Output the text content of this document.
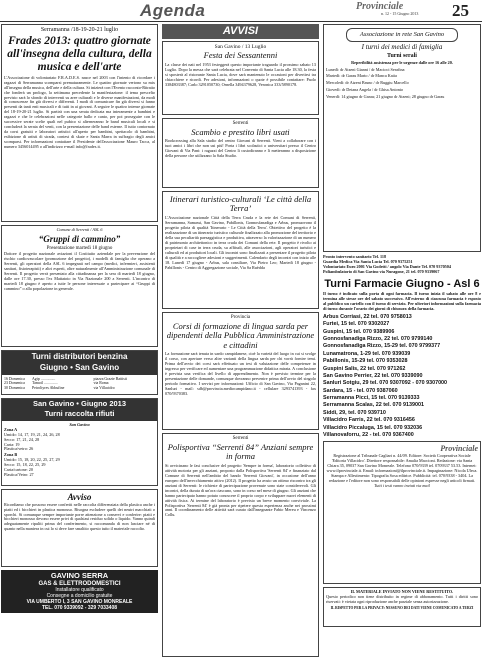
Agenda	Provinciale
n. 12 - 15 Giugno 2013 25
Serramanna /18-19-20-21 luglio
Frades 2013: quattro giornate all'insegna della cultura, della musica e dell'arte

L'Associazione di volontariato F.R.A.D.E.S. nasce nel 2003 con l'intento di ricordare i ragazzi di Serramanna scomparsi prematuramente. Le quattro giornate vertono su mix all'insegna della musica, dell'arte e della cultura. Si inizierà con l'Evento racconto-Ritratto che fonderà un prologo, la settimana precedente la manifestazione: il tema prescelto previsto sarà lo sfondo di interventi su aree culturali e le diverse manifestazioni, da modi di conoscenze fin già diversi e differenti. I modi di comunicare fin già diversi si fanno presenti da tanti enti musicali e di tutti in ai giovani. A seguire le quattro intense giornate del 18-19-20-21 luglio. Si partirà con una serata dedicata ma interamente a bambini e ragazzi e che le celebrazioni nelle categorie ballo e canto, per poi proseguire con le successive serate scelte quali nel pubico si alterneranno le band musicali locali e si concluderà la serata del venti, con la presentazione delle band esterne. Il tutto contornato da corsi gratuiti e laboratori artistici all'aperto per bambini, spettacolo di bambini, esibizione di artisti di strada, contest di skate e Santa Marra in suffragio degli amici scomparsi. Per informazioni contattare il Presidente dell'associazione Mauro Tacca, al numero 3456014495 o all'indirizzo e-mail info@frades.it.

Comune di Serrenti / ASL 6
“Gruppi di cammino”
Presentazione martedì 18 giugno

Dottore il progetto nazionale aviazioni il Costituito aziendale per la prevenzione del rischio cardiovascolare (promozione del progetto), i modelli di famiglia che operano a Serrenti, gli operatori della ASL 6 impegnati nel campo (medici, infermieri, assistenti sanitari, fisioterapisti) e altri esperti, oltre naturalmente all'Amministrazione comunale di Serrenti. Il progetto verrà presentato alla cittadinanza per la sera di martedì 18 giugno, dalle ore 17.30, presso l'ex Mattatoio in Via Nazionale 200 a Serrenti. L'incontro di martedì 18 giugno è aperto a tutte le persone interessate a partecipare ai “Gruppi di cammino” o alla popolazione in generale.

Turni distributori benzina
Giugno • San Gavino
16 Domenica	Agip ...............	piazza Grazie Battisti
23 Domenica	Tamoil ..............	via Roma
30 Domenica	Petroltyres Abbufine	via Villacidro
San Gavino • Giugno 2013
Turni raccolta rifiuti
San Gavino
Zona A
Umido: 14, 17, 19, 21, 24, 26, 28
Secco: 17, 21, 24, 28
Carta: 19
Plastica/vetro: 26
Zona B
Umido: 15, 18, 20, 22, 25, 27, 29
Secco: 15, 18, 22, 25, 29
Carta/cartone: 20
Plastica/Vetro: 27
Avviso

Ricordiamo che possono essere conferiti nelle raccolta differenziata della plastica anche i piatti ed i bicchieri in plastica monouso. Bisogna escludere quelli dei neutri macchiati o sporchi. Si comunque sempre importante porre attenzione a conservi e conferire: piatti e bicchieri monouso devono essere privi di qualsiasi residuo solido o liquido. Vanno quindi adeguatamente ripuliti prima del conferimento, si raccomanda di non lasciare né di quanto nella maniera in cui lo si deve fare smaltito questo tutto il materiale raccolto.

GAVINO SERRA
GAS & ELETTRODOMESTICI
Installatore qualificato
Consegne a domicilio gratuite
VIA UMBERTO I, 3 SAN GAVINO MONREALE
TEL. 070 9339092 - 329 7033408
AVVISI
San Gavino / 13 Luglio
Festa dei Sessantenni

La classe dei nati nel 1953 festeggerà questo importante traguardo il prossimo sabato 13 Luglio. Dopo la messa che sarà celebrata nel Convento di Santa Lucia alle 18.30, la festa si sposterà al ristorante Santa Lucia, dove sarà mantenuto le occasioni per divertirsi tra chiacchiere e ricordi. Per adesioni, informazioni o quote è possibile contattare: Paolo 3384803387; Carlo 3291050730; Ornella 3494379628, Veronica 333/5890178.

Serrenti
Scambio e prestito libri usati

Bookcrossing alla Sala studio del centro Giovani di Serrenti. Vieni a collaborare con i tuoi amici i libri che non usi più! Porta i libri scolastici o universitari presso il Centro Giovani di Via Pani: i ragazzi del Centro li custodiranno e li metteranno a disposizione della persone che utilizzano la Sala Studio.

Itinerari turistico-culturali ‘Le città della Terra’

L'Associazione nazionale Città della Terra Cruda e la rete dei Comuni di Serrenti, Serramanna, Samassi, San Gavino, Pabillonis, Gonnosfanadiga e Arbus, promuovono il progetto pilota di qualità 'Itinerario - Le Città della Terra'. Obiettivo del progetto è la realizzazione di un itinerario turistico culturale finalizzato alla promozione del territorio e della sua peculiarità paesaggistica e produttiva, attraverso la valorizzazione di un numero di patrimonio architettonico in terra cruda dei Comuni della rete. Il progetto è rivolto ai proprietari di case in terra cruda, su affitudi, alle associazioni, agli operatori turistici e culturali ed ai produttori locali. Gli incontri sono finalizzati a presentare il progetto pilota di qualità e a raccogliere adesioni e suggerimenti. Calendario degli incontri con inizio alle 18. Lunedì 17 giugno - Arbus, sala consiliare, Via Pietro Leo; Martedì 18 giugno - Pabillonis - Centro di Aggregazione sociale, Via Sa Ruèdda

Provincia
Corsi di formazione di lingua sarda per dipendenti della Pubblica Amministrazione e cittadini

La formazione sarà tenuta in sardo campidanese, cioè la varietà del luogo in cui si svolge il corso, con aperture verso altre varianti della lingua sarda per chi vorrà fornire temi. Prima dell'avvio dei corsi sarà effettuato un test di valutazione delle competenze in ingresso per verificare ed aumentare una programmazione didattica mirata. A conclusione è prevista una verifica del livello di apprendimento. Non è previsto termine per la presentazione delle domande, comunque dovranno pervenire prima dell'avvio del singolo periodo formativo. I servizi per informazioni: Ufficio di San Gavino, Via Paganini 22, Sanluri - mail: sdb@provincia.mediocampidano.it - cellulare 3293741393 - fax 070/9370383.

Serrenti
Polisportiva “Serrenti 84” Anziani sempre in forma

Si avvicinano le fasi conclusive del progetto 'Sempre in forma', laboratorio collettivo di attività motoria per gli anziani, proposto dalla Polisportiva 'Serrenti 84' e finanziato dal Comune di Serrenti nell'ambito del bando 'Serrenti Giovani', in occasione dell'anno europeo dell'invecchiamento attivo (2012). Il progetto ha avuto un ottimo riscontro tra gli anziani di Serrenti: le richieste di partecipazione provenute sono state considerevoli. Gli incontri, della durata di un'ora ciascuno, sono in corso nel mese di giugno. Gli anziani che hanno partecipato hanno potuto conoscere il proprio corpo e sviluppare nuovi elementi di attività fisica. Ai termine del laboratorio è previsto un breve momento conviviale. La Polisportiva 'Serrenti 84' è già pronta per ripetere questa esperienza anche nei prossimi anni. Il coordinamento delle attività sarà curato dall'insegnante Fabio Mereu e Vincenzo Collu.

Associazione in rete San Gavino
I turni dei medici di famiglia
Turni serali
Reperibilità assistenza per le urgenze dalle ore 16 alle 20.
Lunedì: dr Atzeni Gianni / dr Macioci Serafina
Martedì: dr Garau Mario / dr Manca Katia
Mercoledì: dr Atzeni Bruno / dr Ruggiu Marcello
Giovedì: dr Deiana Angela / dr Ghisa Antonio
Venerdì: 14 giugno dr Garau; 21 giugno dr Atzeni; 28 giugno dr Garau
Pronto intervento sanitario Tel. 118
Guardia Medica Via Santa Lucia Tel. 070 9375251
Volontariato Euro 2001 Via Godetti / angolo Via Dante Tel. 070 9370504
Poliambulatorio di San Gavino via Nuragone, 21 tel. 070 9339067
Turni Farmacie Giugno - Asl 6

Il turno è indicato sulla porta di ogni farmacia. Il turno inizia il sabato alle ore 8 e termina alle stesse ore del sabato successivo. All'esterno di ciascuna farmacia è esposto al pubblico un cartello con il turno di servizio. Per ulteriori informazioni sulla farmacia di turno durante l'orario dei giorni di chiusura della farmacia.

Arbus Corriasi, 22 tel. 070 9758013
Furtei, 15 tel. 070 9302027
Guspini, 15 tel. 070 9389906
Gonnosfanadiga Rizzo, 22 tel. 070 9799140
Gonnosfanadiga Rizzo, 15-29 tel. 070 9799377
Lunamatrona, 1-29 tel. 070 939039
Pabillonis, 15-29 tel. 070 9353028
Guspini Salis, 22 tel. 070 971262
San Gavino Perrier, 22 tel. 070 9339090
Sanluri Sotgiu, 29 tel. 070 9307092 - 070 9307000
Sardara, 15 - tel. 070 9387060
Serramanna Picci, 15 tel. 070 9139333
Serramanna Scalas, 22 tel. 070 9139001
Siddi, 29, tel. 070 939710
Villacidro Farris, 22 tel. 070 9316456
Villacidro Piccaluga, 15 tel. 070 932036
Villanovaforru, 22 - tel. 070 9367400
Provinciale

Registrazione al Tribunale Cagliari n. 44/09. Editore: Società Cooperativa Sociale 'Editoria Villacidro'. Direttore responsabile: Amalia Maccioni. Redazione: via Santa Chiara 35, 09037 San Gavino Monreale. Telefono 070/9339 tel. 0709337 53.53. Internet: www.ilprovinciale.it. Email: informazioni@ilprovinciale.it. Impaginazione: Nicola Uleca. Stampa e Allestimento: Tipografia Sosa editrice. Pubblicità: tel. 070/9338 - 3404. La redazione e l'editore non sono responsabili delle opinioni espresse negli articoli firmati.

Tutti i testi vanno inviati via mail

IL MATERIALE INVIATO NON VIENE RESTITUITO.

Questo periodico non tiene distribuito in regime di abbonamento. Tutti i diritti sono riservati: è vietata ogni riproduzione anche parziale senza autorizzazione.

IL RISPETTO PER LA PRIVACY: NESSUNO DEI DATI VIENE COMUNICATO A TERZI
